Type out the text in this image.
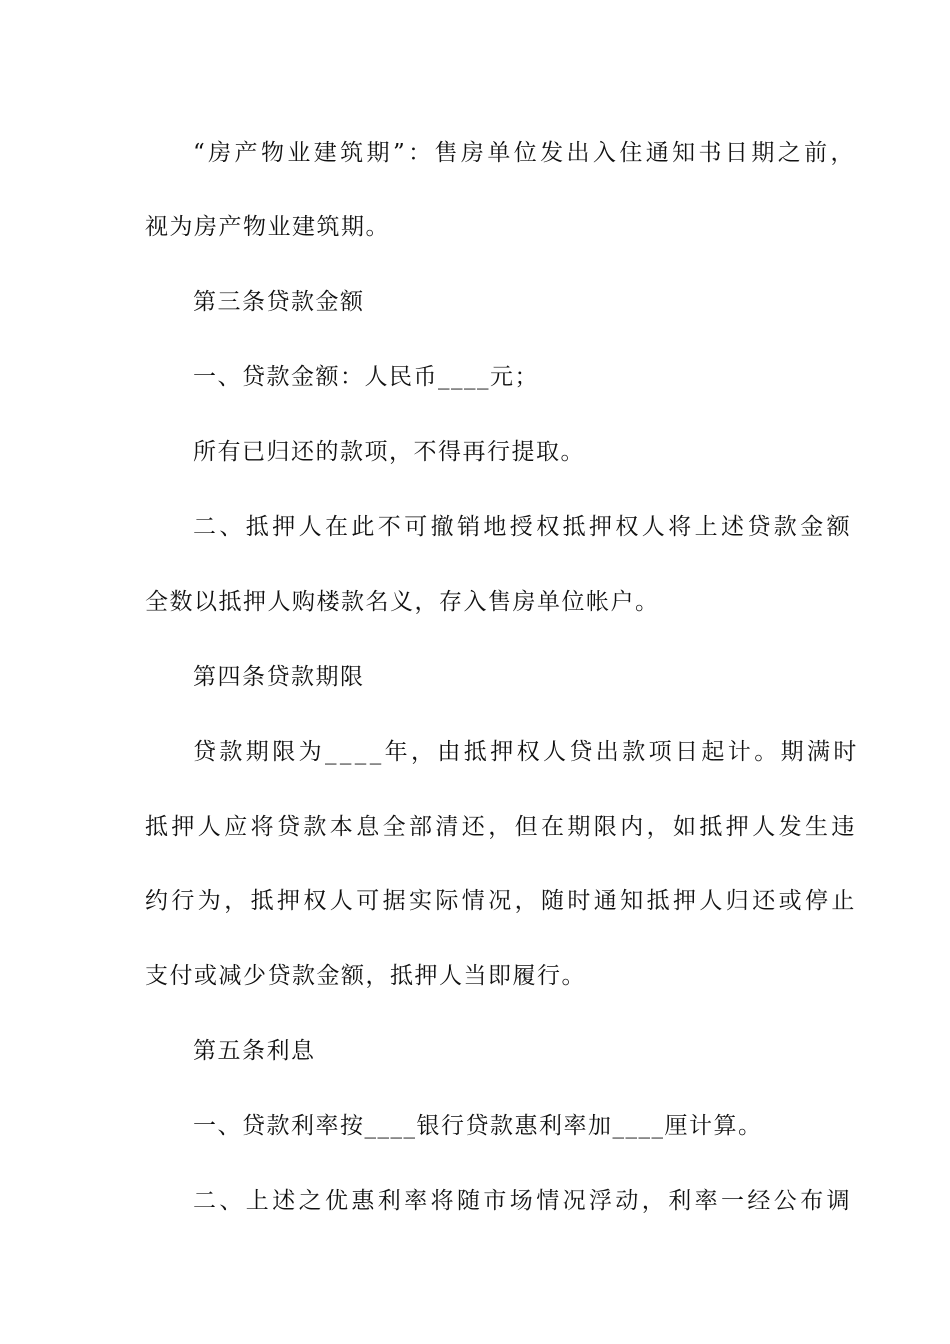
“房产物业建筑期”：售房单位发出入住通知书日期之前，
视为房产物业建筑期。
第三条贷款金额
一、贷款金额：人民币____元；
所有已归还的款项，不得再行提取。
二、抵押人在此不可撤销地授权抵押权人将上述贷款金额
全数以抵押人购楼款名义，存入售房单位帐户。
第四条贷款期限
贷款期限为____年，由抵押权人贷出款项日起计。期满时
抵押人应将贷款本息全部清还，但在期限内，如抵押人发生违
约行为，抵押权人可据实际情况，随时通知抵押人归还或停止
支付或减少贷款金额，抵押人当即履行。
第五条利息
一、贷款利率按____银行贷款惠利率加____厘计算。
二、上述之优惠利率将随市场情况浮动，利率一经公布调
